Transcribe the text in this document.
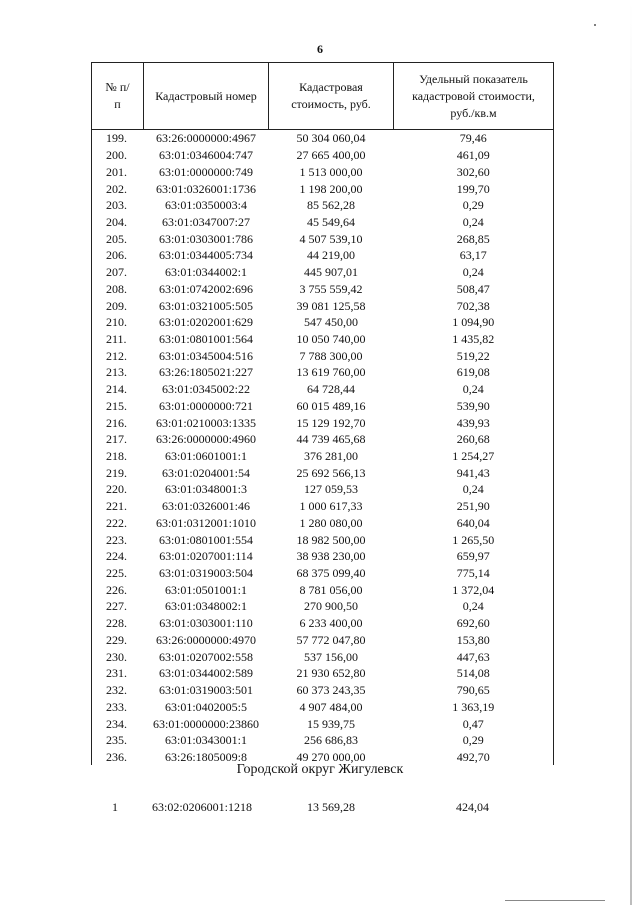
6
№ п/п	Кадастровый номер	Кадастровая стоимость, руб.	Удельный показатель кадастровой стоимости, руб./кв.м
199.	63:26:0000000:4967	50 304 060,04	79,46
200.	63:01:0346004:747	27 665 400,00	461,09
201.	63:01:0000000:749	1 513 000,00	302,60
202.	63:01:0326001:1736	1 198 200,00	199,70
203.	63:01:0350003:4	85 562,28	0,29
204.	63:01:0347007:27	45 549,64	0,24
205.	63:01:0303001:786	4 507 539,10	268,85
206.	63:01:0344005:734	44 219,00	63,17
207.	63:01:0344002:1	445 907,01	0,24
208.	63:01:0742002:696	3 755 559,42	508,47
209.	63:01:0321005:505	39 081 125,58	702,38
210.	63:01:0202001:629	547 450,00	1 094,90
211.	63:01:0801001:564	10 050 740,00	1 435,82
212.	63:01:0345004:516	7 788 300,00	519,22
213.	63:26:1805021:227	13 619 760,00	619,08
214.	63:01:0345002:22	64 728,44	0,24
215.	63:01:0000000:721	60 015 489,16	539,90
216.	63:01:0210003:1335	15 129 192,70	439,93
217.	63:26:0000000:4960	44 739 465,68	260,68
218.	63:01:0601001:1	376 281,00	1 254,27
219.	63:01:0204001:54	25 692 566,13	941,43
220.	63:01:0348001:3	127 059,53	0,24
221.	63:01:0326001:46	1 000 617,33	251,90
222.	63:01:0312001:1010	1 280 080,00	640,04
223.	63:01:0801001:554	18 982 500,00	1 265,50
224.	63:01:0207001:114	38 938 230,00	659,97
225.	63:01:0319003:504	68 375 099,40	775,14
226.	63:01:0501001:1	8 781 056,00	1 372,04
227.	63:01:0348002:1	270 900,50	0,24
228.	63:01:0303001:110	6 233 400,00	692,60
229.	63:26:0000000:4970	57 772 047,80	153,80
230.	63:01:0207002:558	537 156,00	447,63
231.	63:01:0344002:589	21 930 652,80	514,08
232.	63:01:0319003:501	60 373 243,35	790,65
233.	63:01:0402005:5	4 907 484,00	1 363,19
234.	63:01:0000000:23860	15 939,75	0,47
235.	63:01:0343001:1	256 686,83	0,29
236.	63:26:1805009:8	49 270 000,00	492,70
Городской округ Жигулевск
1	63:02:0206001:1218	13 569,28	424,04
